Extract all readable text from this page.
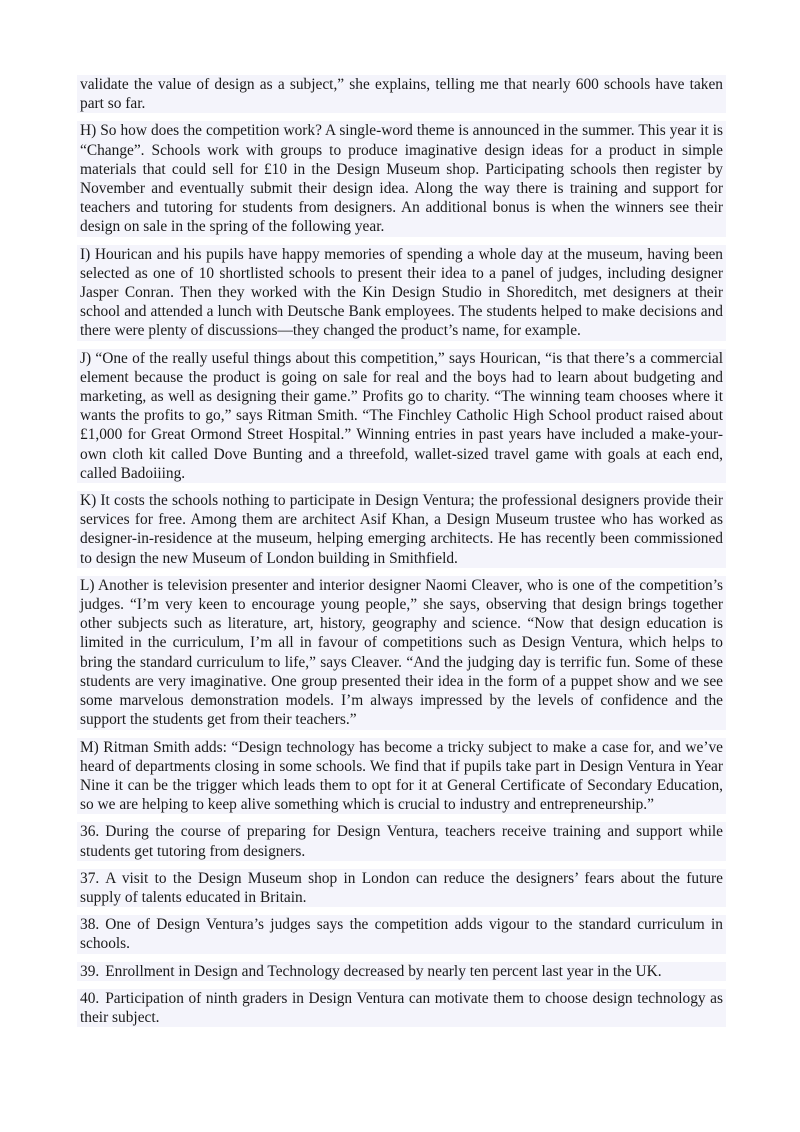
validate the value of design as a subject,” she explains, telling me that nearly 600 schools have taken part so far.

H) So how does the competition work? A single-word theme is announced in the summer. This year it is “Change”. Schools work with groups to produce imaginative design ideas for a product in simple materials that could sell for £10 in the Design Museum shop. Participating schools then register by November and eventually submit their design idea. Along the way there is training and support for teachers and tutoring for students from designers. An additional bonus is when the winners see their design on sale in the spring of the following year.

I) Hourican and his pupils have happy memories of spending a whole day at the museum, having been selected as one of 10 shortlisted schools to present their idea to a panel of judges, including designer Jasper Conran. Then they worked with the Kin Design Studio in Shoreditch, met designers at their school and attended a lunch with Deutsche Bank employees. The students helped to make decisions and there were plenty of discussions—they changed the product’s name, for example.

J) “One of the really useful things about this competition,” says Hourican, “is that there’s a commercial element because the product is going on sale for real and the boys had to learn about budgeting and marketing, as well as designing their game.” Profits go to charity. “The winning team chooses where it wants the profits to go,” says Ritman Smith. “The Finchley Catholic High School product raised about £1,000 for Great Ormond Street Hospital.” Winning entries in past years have included a make-your-own cloth kit called Dove Bunting and a threefold, wallet-sized travel game with goals at each end, called Badoiiing.

K) It costs the schools nothing to participate in Design Ventura; the professional designers provide their services for free. Among them are architect Asif Khan, a Design Museum trustee who has worked as designer-in-residence at the museum, helping emerging architects. He has recently been commissioned to design the new Museum of London building in Smithfield.

L) Another is television presenter and interior designer Naomi Cleaver, who is one of the competition’s judges. “I’m very keen to encourage young people,” she says, observing that design brings together other subjects such as literature, art, history, geography and science. “Now that design education is limited in the curriculum, I’m all in favour of competitions such as Design Ventura, which helps to bring the standard curriculum to life,” says Cleaver. “And the judging day is terrific fun. Some of these students are very imaginative. One group presented their idea in the form of a puppet show and we see some marvelous demonstration models. I’m always impressed by the levels of confidence and the support the students get from their teachers.”

M) Ritman Smith adds: “Design technology has become a tricky subject to make a case for, and we’ve heard of departments closing in some schools. We find that if pupils take part in Design Ventura in Year Nine it can be the trigger which leads them to opt for it at General Certificate of Secondary Education, so we are helping to keep alive something which is crucial to industry and entrepreneurship.”

36. During the course of preparing for Design Ventura, teachers receive training and support while students get tutoring from designers.

37. A visit to the Design Museum shop in London can reduce the designers’ fears about the future supply of talents educated in Britain.

38. One of Design Ventura’s judges says the competition adds vigour to the standard curriculum in schools.

39. Enrollment in Design and Technology decreased by nearly ten percent last year in the UK.

40. Participation of ninth graders in Design Ventura can motivate them to choose design technology as their subject.
